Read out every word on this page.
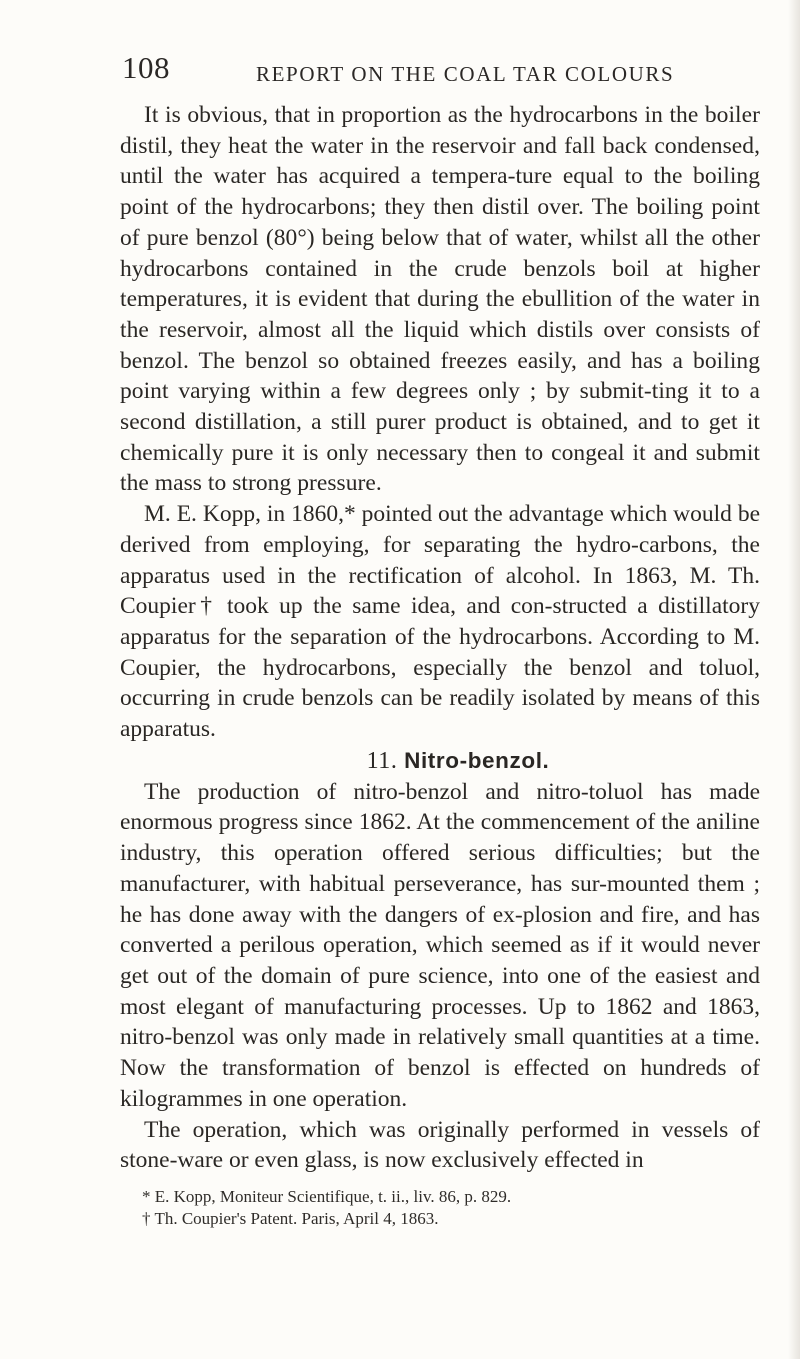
108	REPORT ON THE COAL TAR COLOURS

It is obvious, that in proportion as the hydrocarbons in the boiler distil, they heat the water in the reservoir and fall back condensed, until the water has acquired a tempera-ture equal to the boiling point of the hydrocarbons; they then distil over. The boiling point of pure benzol (80°) being below that of water, whilst all the other hydrocarbons contained in the crude benzols boil at higher temperatures, it is evident that during the ebullition of the water in the reservoir, almost all the liquid which distils over consists of benzol. The benzol so obtained freezes easily, and has a boiling point varying within a few degrees only ; by submit-ting it to a second distillation, a still purer product is obtained, and to get it chemically pure it is only necessary then to congeal it and submit the mass to strong pressure.

M. E. Kopp, in 1860,* pointed out the advantage which would be derived from employing, for separating the hydro-carbons, the apparatus used in the rectification of alcohol. In 1863, M. Th. Coupier† took up the same idea, and con-structed a distillatory apparatus for the separation of the hydrocarbons. According to M. Coupier, the hydrocarbons, especially the benzol and toluol, occurring in crude benzols can be readily isolated by means of this apparatus.

11. Nitro-benzol.

The production of nitro-benzol and nitro-toluol has made enormous progress since 1862. At the commencement of the aniline industry, this operation offered serious difficulties; but the manufacturer, with habitual perseverance, has sur-mounted them ; he has done away with the dangers of ex-plosion and fire, and has converted a perilous operation, which seemed as if it would never get out of the domain of pure science, into one of the easiest and most elegant of manufacturing processes. Up to 1862 and 1863, nitro-benzol was only made in relatively small quantities at a time. Now the transformation of benzol is effected on hundreds of kilogrammes in one operation.

The operation, which was originally performed in vessels of stone-ware or even glass, is now exclusively effected in

* E. Kopp, Moniteur Scientifique, t. ii., liv. 86, p. 829.

† Th. Coupier's Patent. Paris, April 4, 1863.
